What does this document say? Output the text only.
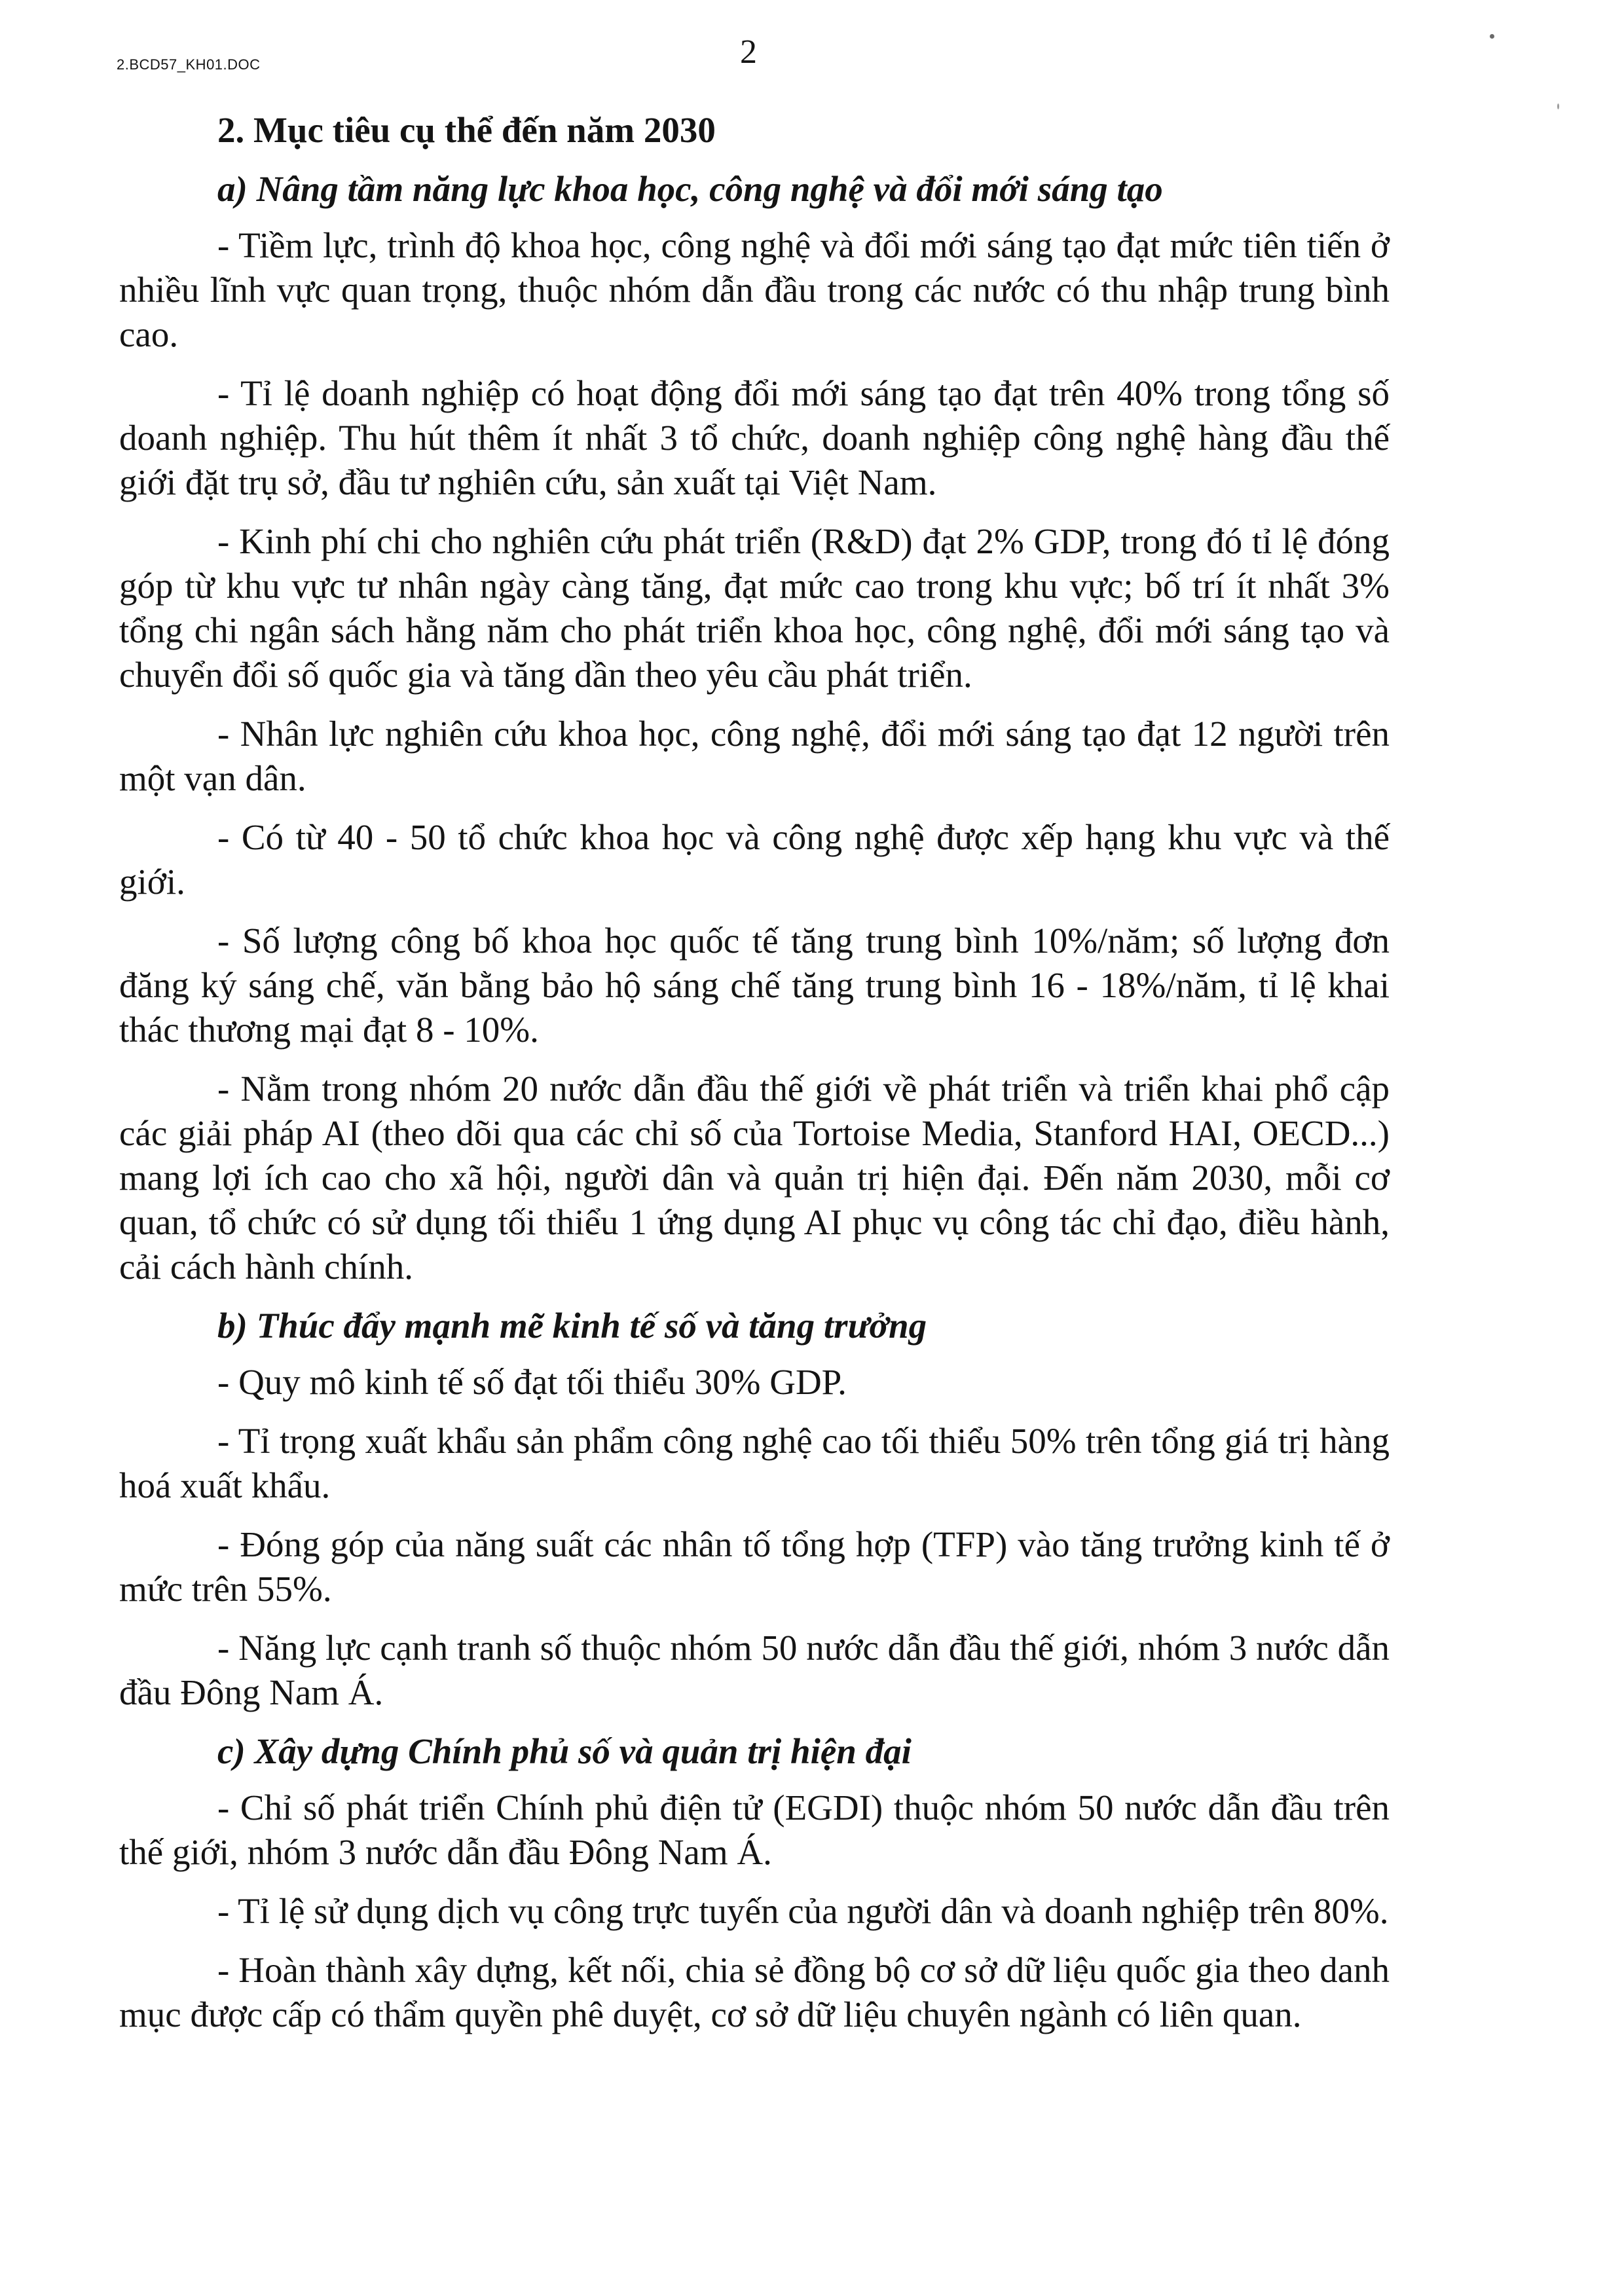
2.BCD57_KH01.DOC	2
2. Mục tiêu cụ thể đến năm 2030
a) Nâng tầm năng lực khoa học, công nghệ và đổi mới sáng tạo

- Tiềm lực, trình độ khoa học, công nghệ và đổi mới sáng tạo đạt mức tiên tiến ở nhiều lĩnh vực quan trọng, thuộc nhóm dẫn đầu trong các nước có thu nhập trung bình cao.

- Tỉ lệ doanh nghiệp có hoạt động đổi mới sáng tạo đạt trên 40% trong tổng số doanh nghiệp. Thu hút thêm ít nhất 3 tổ chức, doanh nghiệp công nghệ hàng đầu thế giới đặt trụ sở, đầu tư nghiên cứu, sản xuất tại Việt Nam.

- Kinh phí chi cho nghiên cứu phát triển (R&D) đạt 2% GDP, trong đó tỉ lệ đóng góp từ khu vực tư nhân ngày càng tăng, đạt mức cao trong khu vực; bố trí ít nhất 3% tổng chi ngân sách hằng năm cho phát triển khoa học, công nghệ, đổi mới sáng tạo và chuyển đổi số quốc gia và tăng dần theo yêu cầu phát triển.

- Nhân lực nghiên cứu khoa học, công nghệ, đổi mới sáng tạo đạt 12 người trên một vạn dân.

- Có từ 40 - 50 tổ chức khoa học và công nghệ được xếp hạng khu vực và thế giới.

- Số lượng công bố khoa học quốc tế tăng trung bình 10%/năm; số lượng đơn đăng ký sáng chế, văn bằng bảo hộ sáng chế tăng trung bình 16 - 18%/năm, tỉ lệ khai thác thương mại đạt 8 - 10%.

- Nằm trong nhóm 20 nước dẫn đầu thế giới về phát triển và triển khai phổ cập các giải pháp AI (theo dõi qua các chỉ số của Tortoise Media, Stanford HAI, OECD...) mang lợi ích cao cho xã hội, người dân và quản trị hiện đại. Đến năm 2030, mỗi cơ quan, tổ chức có sử dụng tối thiểu 1 ứng dụng AI phục vụ công tác chỉ đạo, điều hành, cải cách hành chính.

b) Thúc đẩy mạnh mẽ kinh tế số và tăng trưởng

- Quy mô kinh tế số đạt tối thiểu 30% GDP.

- Tỉ trọng xuất khẩu sản phẩm công nghệ cao tối thiểu 50% trên tổng giá trị hàng hoá xuất khẩu.

- Đóng góp của năng suất các nhân tố tổng hợp (TFP) vào tăng trưởng kinh tế ở mức trên 55%.

- Năng lực cạnh tranh số thuộc nhóm 50 nước dẫn đầu thế giới, nhóm 3 nước dẫn đầu Đông Nam Á.

c) Xây dựng Chính phủ số và quản trị hiện đại

- Chỉ số phát triển Chính phủ điện tử (EGDI) thuộc nhóm 50 nước dẫn đầu trên thế giới, nhóm 3 nước dẫn đầu Đông Nam Á.

- Tỉ lệ sử dụng dịch vụ công trực tuyến của người dân và doanh nghiệp trên 80%.

- Hoàn thành xây dựng, kết nối, chia sẻ đồng bộ cơ sở dữ liệu quốc gia theo danh mục được cấp có thẩm quyền phê duyệt, cơ sở dữ liệu chuyên ngành có liên quan.
